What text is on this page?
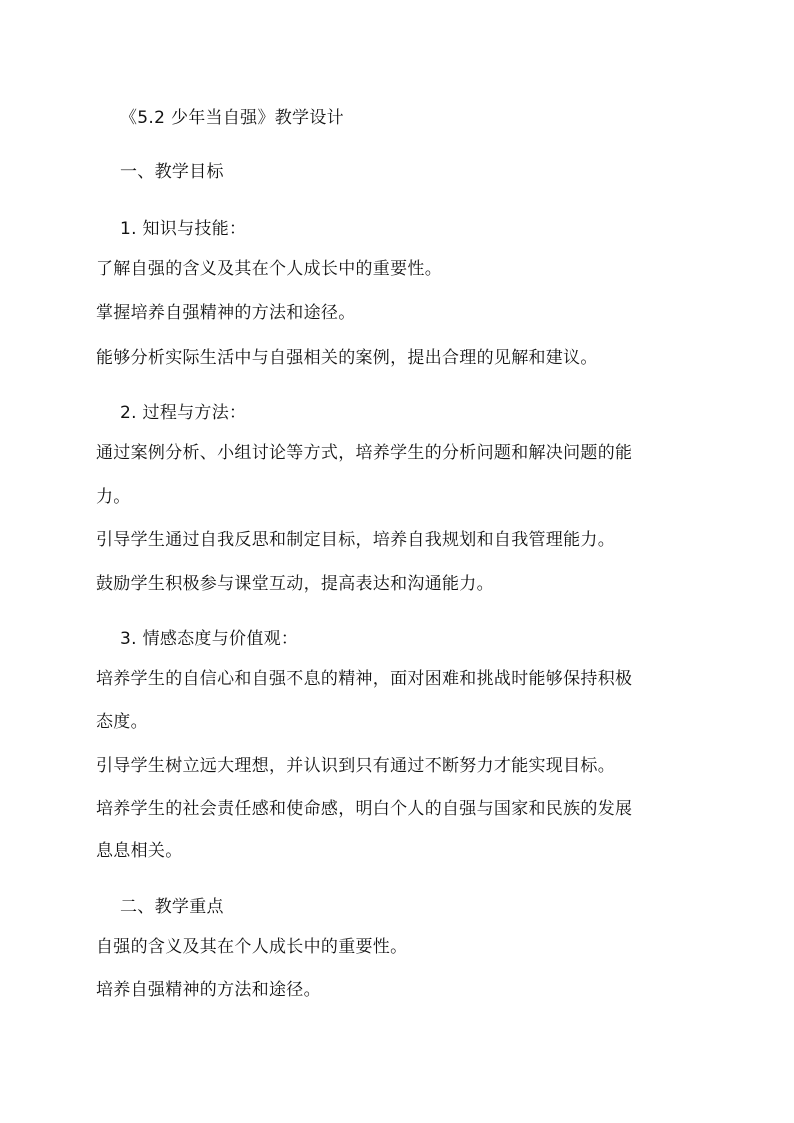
《5.2 少年当自强》教学设计
一、教学目标
1. 知识与技能：
了解自强的含义及其在个人成长中的重要性。
掌握培养自强精神的方法和途径。
能够分析实际生活中与自强相关的案例，提出合理的见解和建议。
2. 过程与方法：
通过案例分析、小组讨论等方式，培养学生的分析问题和解决问题的能
力。
引导学生通过自我反思和制定目标，培养自我规划和自我管理能力。
鼓励学生积极参与课堂互动，提高表达和沟通能力。
3. 情感态度与价值观：
培养学生的自信心和自强不息的精神，面对困难和挑战时能够保持积极
态度。
引导学生树立远大理想，并认识到只有通过不断努力才能实现目标。
培养学生的社会责任感和使命感，明白个人的自强与国家和民族的发展
息息相关。
二、教学重点
自强的含义及其在个人成长中的重要性。
培养自强精神的方法和途径。
